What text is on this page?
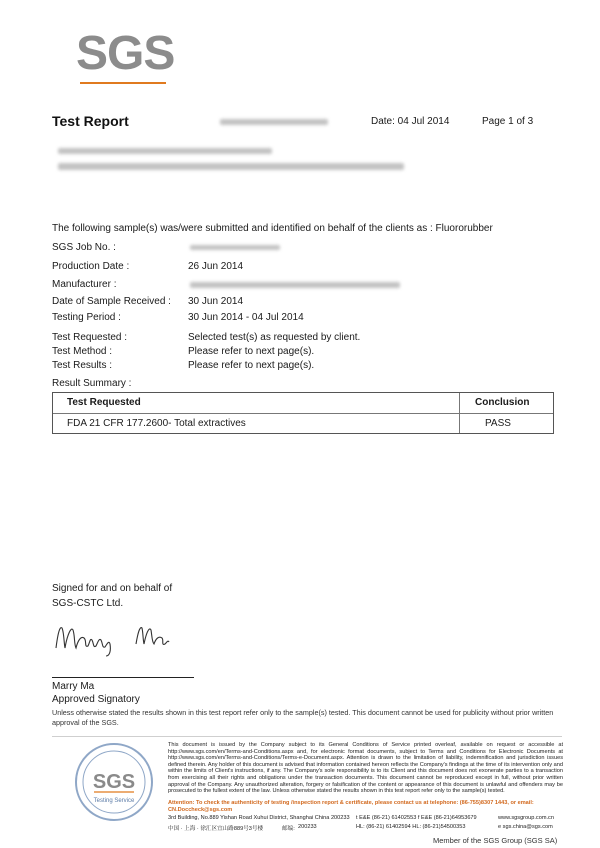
SGS
Test Report	Date: 04 Jul 2014	Page 1 of 3
The following sample(s) was/were submitted and identified on behalf of the clients as : Fluororubber
SGS Job No. :
Production Date :	26 Jun 2014
Manufacturer :
Date of Sample Received : 30 Jun 2014
Testing Period :	30 Jun 2014 - 04 Jul 2014
Test Requested :	Selected test(s) as requested by client.
Test Method :	Please refer to next page(s).
Test Results :	Please refer to next page(s).
Result Summary :
Test Requested	Conclusion
FDA 21 CFR 177.2600- Total extractives	PASS
Signed for and on behalf of
SGS-CSTC Ltd.
Marry Ma
Approved Signatory
Unless otherwise stated the results shown in this test report refer only to the sample(s) tested. This document cannot be used for publicity without prior written approval of the SGS.
SGS
Testing Service
This document is issued by the Company subject to its General Conditions of Service printed overleaf, available on request or accessible at http://www.sgs.com/en/Terms-and-Conditions.aspx and, for electronic format documents, subject to Terms and Conditions for Electronic Documents at http://www.sgs.com/en/Terms-and-Conditions/Terms-e-Document.aspx. Attention is drawn to the limitation of liability, indemnification and jurisdiction issues defined therein. Any holder of this document is advised that information contained hereon reflects the Company's findings at the time of its intervention only and within the limits of Client's instructions, if any. The Company's sole responsibility is to its Client and this document does not exonerate parties to a transaction from exercising all their rights and obligations under the transaction documents. This document cannot be reproduced except in full, without prior written approval of the Company. Any unauthorized alteration, forgery or falsification of the content or appearance of this document is unlawful and offenders may be prosecuted to the fullest extent of the law. Unless otherwise stated the results shown in this test report refer only to the sample(s) tested.
Attention: To check the authenticity of testing /inspection report & certificate, please contact us at telephone: (86-755)8307 1443, or email: CN.Doccheck@sgs.com
3rd Building, No.889 Yishan Road Xuhui District, Shanghai China 200233
中国 · 上海 · 徐汇区宜山路889号3号楼	邮编: 200233
t E&E (86-21) 61402553 f E&E (86-21)64953679
HL: (86-21) 61402594 HL: (86-21)54500353
www.sgsgroup.com.cn
e sgs.china@sgs.com
Member of the SGS Group (SGS SA)
